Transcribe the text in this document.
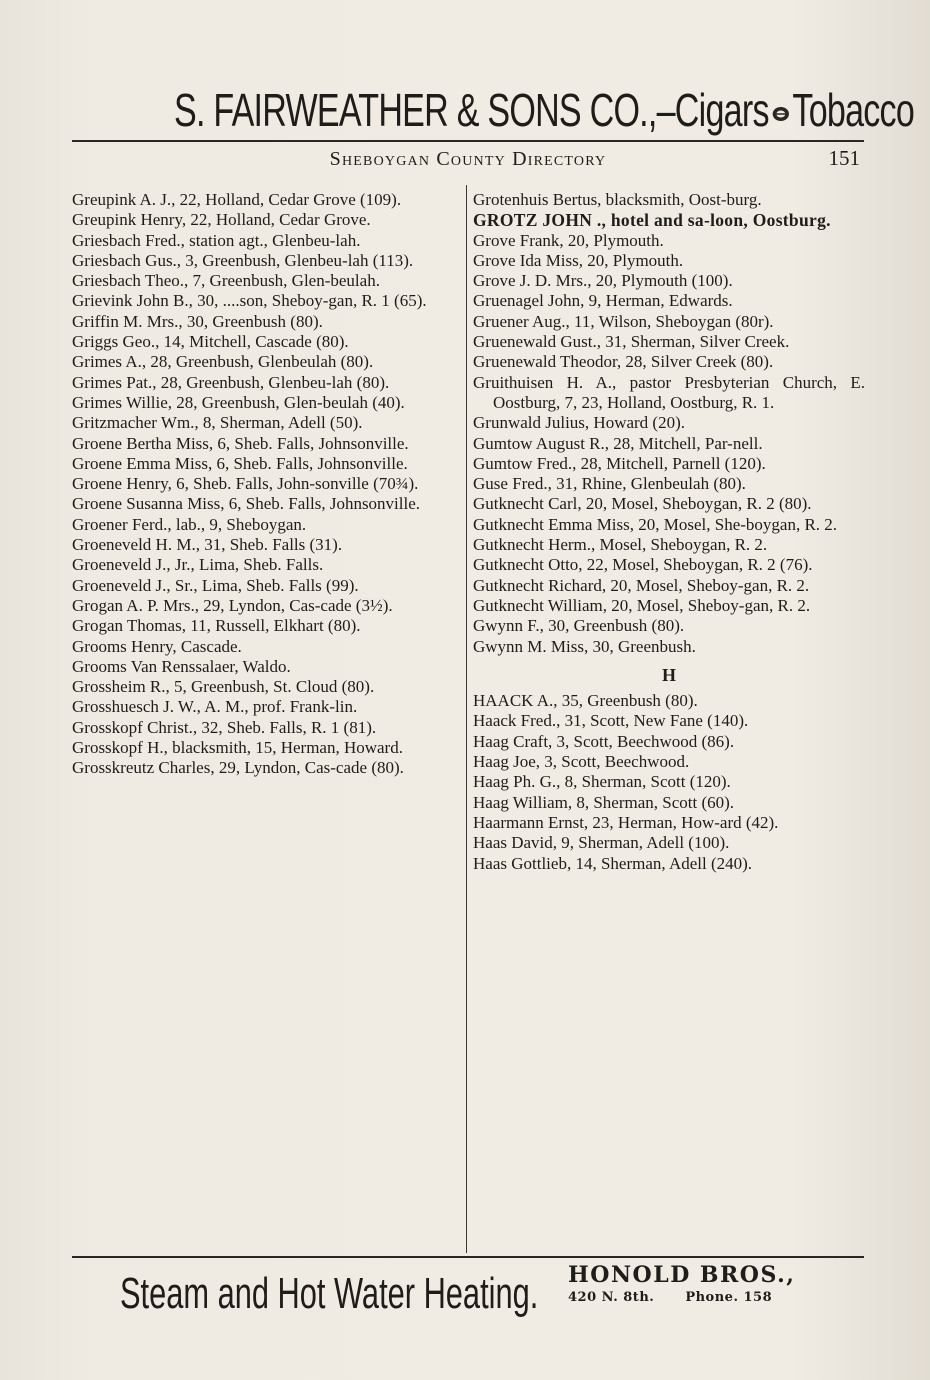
S. FAIRWEATHER & SONS CO.,–Cigars Tobacco
Sheboygan County Directory	151
Greupink A. J., 22, Holland, Cedar Grove (109).
Greupink Henry, 22, Holland, Cedar Grove.
Griesbach Fred., station agt., Glenbeu-lah.
Griesbach Gus., 3, Greenbush, Glenbeu-lah (113).
Griesbach Theo., 7, Greenbush, Glen-beulah.
Grievink John B., 30, ....son, Sheboy-gan, R. 1 (65).
Griffin M. Mrs., 30, Greenbush (80).
Griggs Geo., 14, Mitchell, Cascade (80).
Grimes A., 28, Greenbush, Glenbeulah (80).
Grimes Pat., 28, Greenbush, Glenbeu-lah (80).
Grimes Willie, 28, Greenbush, Glen-beulah (40).
Gritzmacher Wm., 8, Sherman, Adell (50).
Groene Bertha Miss, 6, Sheb. Falls, Johnsonville.
Groene Emma Miss, 6, Sheb. Falls, Johnsonville.
Groene Henry, 6, Sheb. Falls, John-sonville (70¾).
Groene Susanna Miss, 6, Sheb. Falls, Johnsonville.
Groener Ferd., lab., 9, Sheboygan.
Groeneveld H. M., 31, Sheb. Falls (31).
Groeneveld J., Jr., Lima, Sheb. Falls.
Groeneveld J., Sr., Lima, Sheb. Falls (99).
Grogan A. P. Mrs., 29, Lyndon, Cas-cade (3½).
Grogan Thomas, 11, Russell, Elkhart (80).
Grooms Henry, Cascade.
Grooms Van Renssalaer, Waldo.
Grossheim R., 5, Greenbush, St. Cloud (80).
Grosshuesch J. W., A. M., prof. Frank-lin.
Grosskopf Christ., 32, Sheb. Falls, R. 1 (81).
Grosskopf H., blacksmith, 15, Herman, Howard.
Grosskreutz Charles, 29, Lyndon, Cas-cade (80).
Grotenhuis Bertus, blacksmith, Oost-burg.
GROTZ JOHN ., hotel and sa-loon, Oostburg.
Grove Frank, 20, Plymouth.
Grove Ida Miss, 20, Plymouth.
Grove J. D. Mrs., 20, Plymouth (100).
Gruenagel John, 9, Herman, Edwards.
Gruener Aug., 11, Wilson, Sheboygan (80r).
Gruenewald Gust., 31, Sherman, Silver Creek.
Gruenewald Theodor, 28, Silver Creek (80).
Gruithuisen H. A., pastor Presbyterian Church, E. Oostburg, 7, 23, Holland, Oostburg, R. 1.
Grunwald Julius, Howard (20).
Gumtow August R., 28, Mitchell, Par-nell.
Gumtow Fred., 28, Mitchell, Parnell (120).
Guse Fred., 31, Rhine, Glenbeulah (80).
Gutknecht Carl, 20, Mosel, Sheboygan, R. 2 (80).
Gutknecht Emma Miss, 20, Mosel, She-boygan, R. 2.
Gutknecht Herm., Mosel, Sheboygan, R. 2.
Gutknecht Otto, 22, Mosel, Sheboygan, R. 2 (76).
Gutknecht Richard, 20, Mosel, Sheboy-gan, R. 2.
Gutknecht William, 20, Mosel, Sheboy-gan, R. 2.
Gwynn F., 30, Greenbush (80).
Gwynn M. Miss, 30, Greenbush.
H
HAACK A., 35, Greenbush (80).
Haack Fred., 31, Scott, New Fane (140).
Haag Craft, 3, Scott, Beechwood (86).
Haag Joe, 3, Scott, Beechwood.
Haag Ph. G., 8, Sherman, Scott (120).
Haag William, 8, Sherman, Scott (60).
Haarmann Ernst, 23, Herman, How-ard (42).
Haas David, 9, Sherman, Adell (100).
Haas Gottlieb, 14, Sherman, Adell (240).
Steam and Hot Water Heating. HONOLD BROS.,
420 N. 8th. Phone. 158
